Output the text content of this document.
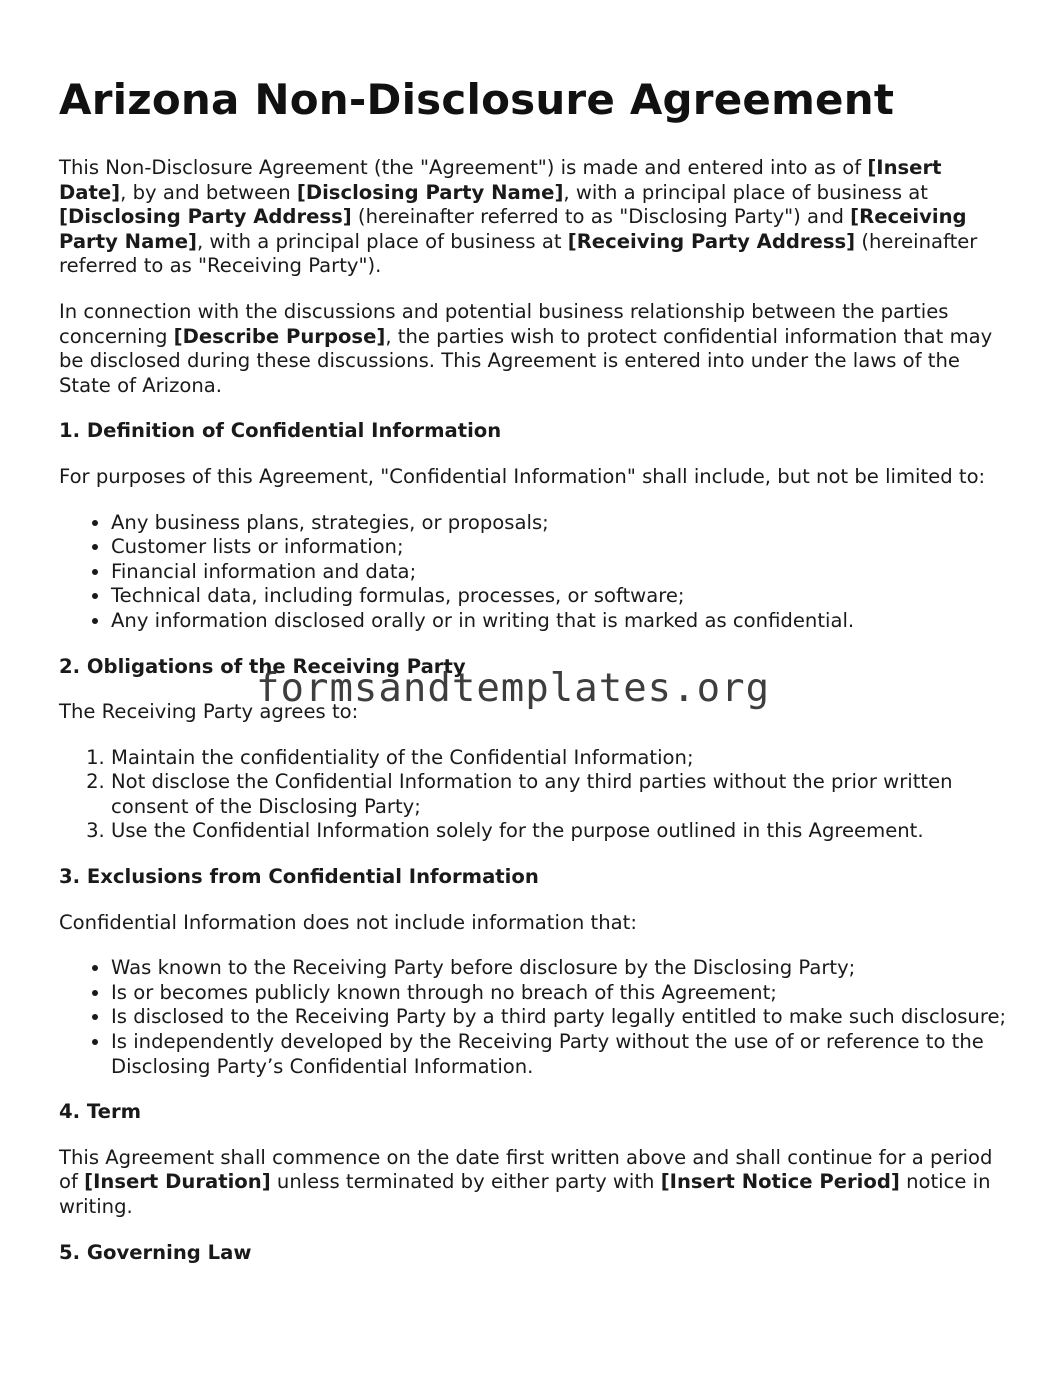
Arizona Non-Disclosure Agreement

This Non-Disclosure Agreement (the "Agreement") is made and entered into as of [Insert Date], by and between [Disclosing Party Name], with a principal place of business at [Disclosing Party Address] (hereinafter referred to as "Disclosing Party") and [Receiving Party Name], with a principal place of business at [Receiving Party Address] (hereinafter referred to as "Receiving Party").

In connection with the discussions and potential business relationship between the parties concerning [Describe Purpose], the parties wish to protect confidential information that may be disclosed during these discussions. This Agreement is entered into under the laws of the State of Arizona.

1. Definition of Confidential Information

For purposes of this Agreement, "Confidential Information" shall include, but not be limited to:

• Any business plans, strategies, or proposals;
• Customer lists or information;
• Financial information and data;
• Technical data, including formulas, processes, or software;
• Any information disclosed orally or in writing that is marked as confidential.
2. Obligations of the Receiving Party

The Receiving Party agrees to:

1. Maintain the confidentiality of the Confidential Information;
2. Not disclose the Confidential Information to any third parties without the prior written consent of the Disclosing Party;
3. Use the Confidential Information solely for the purpose outlined in this Agreement.
3. Exclusions from Confidential Information

Confidential Information does not include information that:

• Was known to the Receiving Party before disclosure by the Disclosing Party;
• Is or becomes publicly known through no breach of this Agreement;
• Is disclosed to the Receiving Party by a third party legally entitled to make such disclosure;
• Is independently developed by the Receiving Party without the use of or reference to the Disclosing Party’s Confidential Information.
4. Term

This Agreement shall commence on the date first written above and shall continue for a period of [Insert Duration] unless terminated by either party with [Insert Notice Period] notice in writing.

5. Governing Law
formsandtemplates.org
